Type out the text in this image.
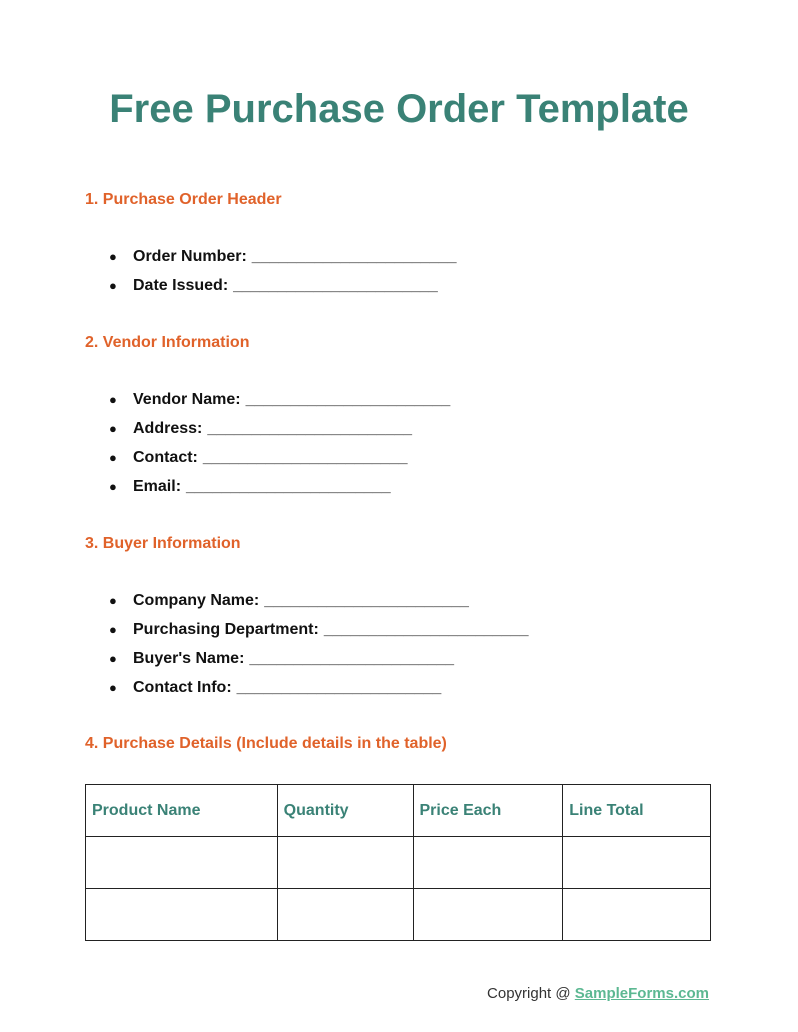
Free Purchase Order Template
1. Purchase Order Header
● Order Number: _______________________
● Date Issued: _______________________
2. Vendor Information
● Vendor Name: _______________________
● Address: _______________________
● Contact: _______________________
● Email: _______________________
3. Buyer Information
● Company Name: _______________________
● Purchasing Department: _______________________
● Buyer's Name: _______________________
● Contact Info: _______________________
4. Purchase Details (Include details in the table)
Product Name	Quantity	Price Each	Line Total

Copyright @ SampleForms.com
